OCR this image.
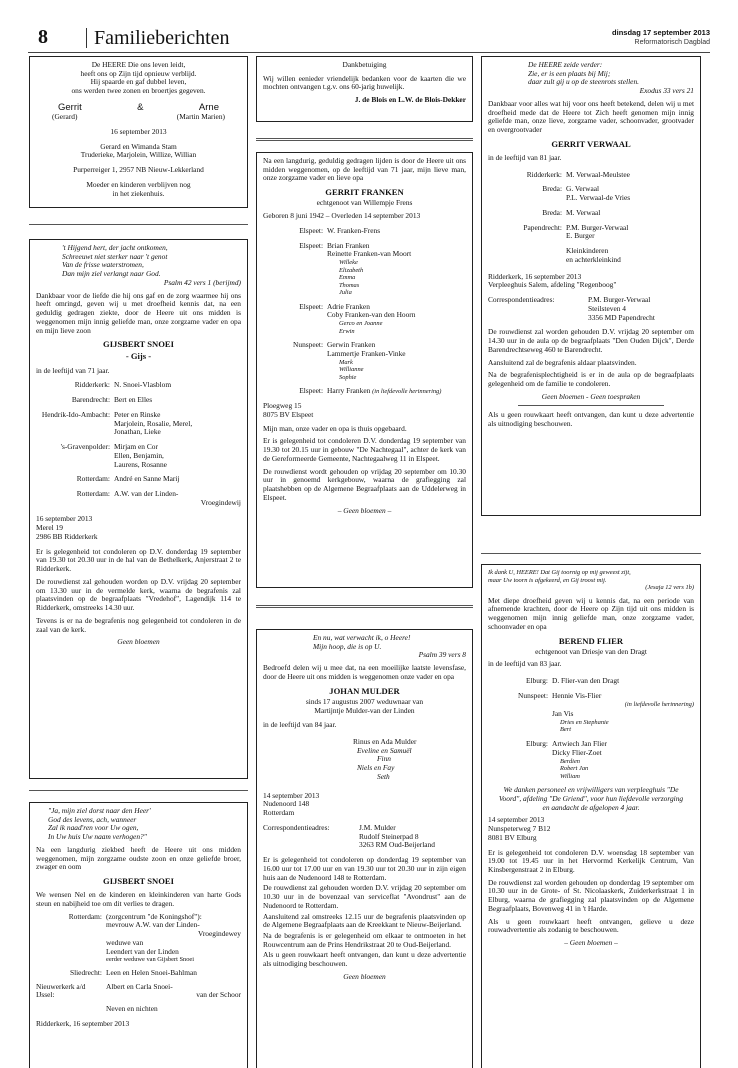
8 Familieberichten	dinsdag 17 september 2013
Reformatorisch Dagblad
De HEERE Die ons leven leidt,
heeft ons op Zijn tijd opnieuw verblijd.
Hij spaarde en gaf dubbel leven,
ons werden twee zonen en broertjes gegeven.
Gerrit	&	Arne
(Gerard)	(Martin Marien)
16 september 2013
Gerard en Wimanda Stam
Truderieke, Marjolein, Willize, Willian
Purperreiger 1, 2957 NB Nieuw-Lekkerland
Moeder en kinderen verblijven nog
in het ziekenhuis.
't Hijgend hert, der jacht ontkomen,
Schreeuwt niet sterker naar 't genot
Van de frisse waterstromen,
Dan mijn ziel verlangt naar God.
Psalm 42 vers 1 (berijmd)

Dankbaar voor de liefde die hij ons gaf en de zorg waarmee hij ons heeft omringd, geven wij u met droefheid kennis dat, na een geduldig gedragen ziekte, door de Heere uit ons midden is weggenomen mijn innig geliefde man, onze zorgzame vader en opa en mijn lieve zoon

GIJSBERT SNOEI
- Gijs -

in de leeftijd van 71 jaar.

Ridderkerk: N. Snoei-Vlasblom
Barendrecht: Bert en Elles
Hendrik-Ido-Ambacht: Peter en Rinske
Marjolein, Rosalie, Merel,
Jonathan, Lieke
's-Gravenpolder: Mirjam en Cor
Ellen, Benjamin,
Laurens, Rosanne
Rotterdam: André en Sanne Marij
Rotterdam: A.W. van der Linden-
Vroegindewij
16 september 2013
Merel 19
2986 BB Ridderkerk

Er is gelegenheid tot condoleren op D.V. donderdag 19 september van 19.30 tot 20.30 uur in de hal van de Bethelkerk, Anjerstraat 2 te Ridderkerk.

De rouwdienst zal gehouden worden op D.V. vrijdag 20 september om 13.30 uur in de vermelde kerk, waarna de begrafenis zal plaatsvinden op de begraafplaats "Vredehof", Lagendijk 114 te Ridderkerk, omstreeks 14.30 uur.

Tevens is er na de begrafenis nog gelegenheid tot condoleren in de zaal van de kerk.

Geen bloemen
"Ja, mijn ziel dorst naar den Heer'
God des levens, ach, wanneer
Zal ik naad'ren voor Uw ogen,
In Uw huis Uw naam verhogen?"

Na een langdurig ziekbed heeft de Heere uit ons midden weggenomen, mijn zorgzame oudste zoon en onze geliefde broer, zwager en oom

GIJSBERT SNOEI

We wensen Nel en de kinderen en kleinkinderen van harte Gods steun en nabijheid toe om dit verlies te dragen.

Rotterdam: (zorgcentrum "de Koningshof"):
mevrouw A.W. van der Linden-
Vroegindewey
weduwe van
Leendert van der Linden
eerder weduwe van Gijsbert Snoei
Sliedrecht: Leen en Helen Snoei-Bahlman
Nieuwerkerk a/d IJssel:
Albert en Carla Snoei-
van der Schoor
Neven en nichten
Ridderkerk, 16 september 2013
Dankbetuiging

Wij willen eenieder vriendelijk bedanken voor de kaarten die we mochten ontvangen t.g.v. ons 60-jarig huwelijk.

J. de Blois en L.W. de Blois-Dekker

Na een langdurig, geduldig gedragen lijden is door de Heere uit ons midden weggenomen, op de leeftijd van 71 jaar, mijn lieve man, onze zorgzame vader en lieve opa

GERRIT FRANKEN
echtgenoot van Willempje Frens

Geboren 8 juni 1942 – Overleden 14 september 2013

Elspeet: W. Franken-Frens
Elspeet: Brian Franken
Reinette Franken-van Moort
Willeke
Elizabeth
Emma
Thomas
Julia
Elspeet: Adrie Franken
Coby Franken-van den Hoorn
Gerco en Joanne
Erwin
Nunspeet: Gerwin Franken
Lammertje Franken-Vinke
Mark
Willianne
Sophie
Elspeet: Harry Franken (in liefdevolle herinnering)
Ploegweg 15
8075 BV Elspeet

Mijn man, onze vader en opa is thuis opgebaard.

Er is gelegenheid tot condoleren D.V. donderdag 19 september van 19.30 tot 20.15 uur in gebouw "De Nachtegaal", achter de kerk van de Gereformeerde Gemeente, Nachtegaalweg 11 in Elspeet.

De rouwdienst wordt gehouden op vrijdag 20 september om 10.30 uur in genoemd kerkgebouw, waarna de grafiegging zal plaatshebben op de Algemene Begraafplaats aan de Uddelerweg in Elspeet.

– Geen bloemen –
En nu, wat verwacht ik, o Heere!
Mijn hoop, die is op U.
Psalm 39 vers 8

Bedroefd delen wij u mee dat, na een moeilijke laatste levensfase, door de Heere uit ons midden is weggenomen onze vader en opa

JOHAN MULDER
sinds 17 augustus 2007 weduwnaar van
Martijntje Mulder-van der Linden

in de leeftijd van 84 jaar.

Rinus en Ada Mulder
Eveline en Samuël
Finn
Niels en Fay
Seth
14 september 2013
Nudenoord 148
Rotterdam
Correspondentieadres:	J.M. Mulder
Rudolf Steinerpad 8
3263 RM Oud-Beijerland

Er is gelegenheid tot condoleren op donderdag 19 september van 16.00 uur tot 17.00 uur en van 19.30 uur tot 20.30 uur in zijn eigen huis aan de Nudenoord 148 te Rotterdam.

De rouwdienst zal gehouden worden D.V. vrijdag 20 september om 10.30 uur in de bovenzaal van serviceflat "Avondrust" aan de Nudenoord te Rotterdam.

Aansluitend zal omstreeks 12.15 uur de begrafenis plaatsvinden op de Algemene Begraafplaats aan de Kreekkant te Nieuw-Beijerland.

Na de begrafenis is er gelegenheid om elkaar te ontmoeten in het Rouwcentrum aan de Prins Hendrikstraat 20 te Oud-Beijerland.

Als u geen rouwkaart heeft ontvangen, dan kunt u deze advertentie als uitnodiging beschouwen.

Geen bloemen
De HEERE zeide verder:
Zie, er is een plaats bij Mij;
daar zult gij u op de steenrots stellen.
Exodus 33 vers 21

Dankbaar voor alles wat hij voor ons heeft betekend, delen wij u met droefheid mede dat de Heere tot Zich heeft genomen mijn innig geliefde man, onze lieve, zorgzame vader, schoonvader, grootvader en overgrootvader

GERRIT VERWAAL

in de leeftijd van 81 jaar.

Ridderkerk: M. Verwaal-Meulstee
Breda: G. Verwaal
P.L. Verwaal-de Vries
Breda: M. Verwaal
Papendrecht: P.M. Burger-Verwaal
E. Burger
Kleinkinderen
en achterkleinkind
Ridderkerk, 16 september 2013
Verpleeghuis Salem, afdeling "Regenboog"
Correspondentieadres:	P.M. Burger-Verwaal
Steilsteven 4
3356 MD Papendrecht

De rouwdienst zal worden gehouden D.V. vrijdag 20 september om 14.30 uur in de aula op de begraafplaats "Den Ouden Dijck", Derde Barendrechtseweg 460 te Barendrecht.

Aansluitend zal de begrafenis aldaar plaatsvinden.

Na de begrafenisplechtigheid is er in de aula op de begraafplaats gelegenheid om de familie te condoleren.

Geen bloemen - Geen toespraken

Als u geen rouwkaart heeft ontvangen, dan kunt u deze advertentie als uitnodiging beschouwen.

Ik dank U, HEERE! Dat Gij toornig op mij geweest zijt,
maar Uw toorn is afgekeerd, en Gij troost mij.
(Jesaja 12 vers 1b)

Met diepe droefheid geven wij u kennis dat, na een periode van afnemende krachten, door de Heere op Zijn tijd uit ons midden is weggenomen mijn innig geliefde man, onze zorgzame vader, schoonvader en opa

BEREND FLIER
echtgenoot van Driesje van den Dragt

in de leeftijd van 83 jaar.

Elburg: D. Flier-van den Dragt
Nunspeet: Hennie Vis-Flier
(in liefdevolle herinnering)
Jan Vis
Dries en Stephanie
Bert
Elburg: Artwiech Jan Flier
Dicky Flier-Zoet
Berdien
Robert Jan
William

We danken personeel en vrijwilligers van verpleeghuis "De Voord", afdeling "De Griend", voor hun liefdevolle verzorging en aandacht de afgelopen 4 jaar.

14 september 2013
Nunspeterweg 7 B12
8081 BV Elburg

Er is gelegenheid tot condoleren D.V. woensdag 18 september van 19.00 tot 19.45 uur in het Hervormd Kerkelijk Centrum, Van Kinsbergenstraat 2 in Elburg.

De rouwdienst zal worden gehouden op donderdag 19 september om 10.30 uur in de Grote- of St. Nicolaaskerk, Zuiderkerkstraat 1 in Elburg, waarna de grafiegging zal plaatsvinden op de Algemene Begraafplaats, Bovenweg 41 in 't Harde.

Als u geen rouwkaart heeft ontvangen, gelieve u deze rouwadvertentie als zodanig te beschouwen.

– Geen bloemen –
